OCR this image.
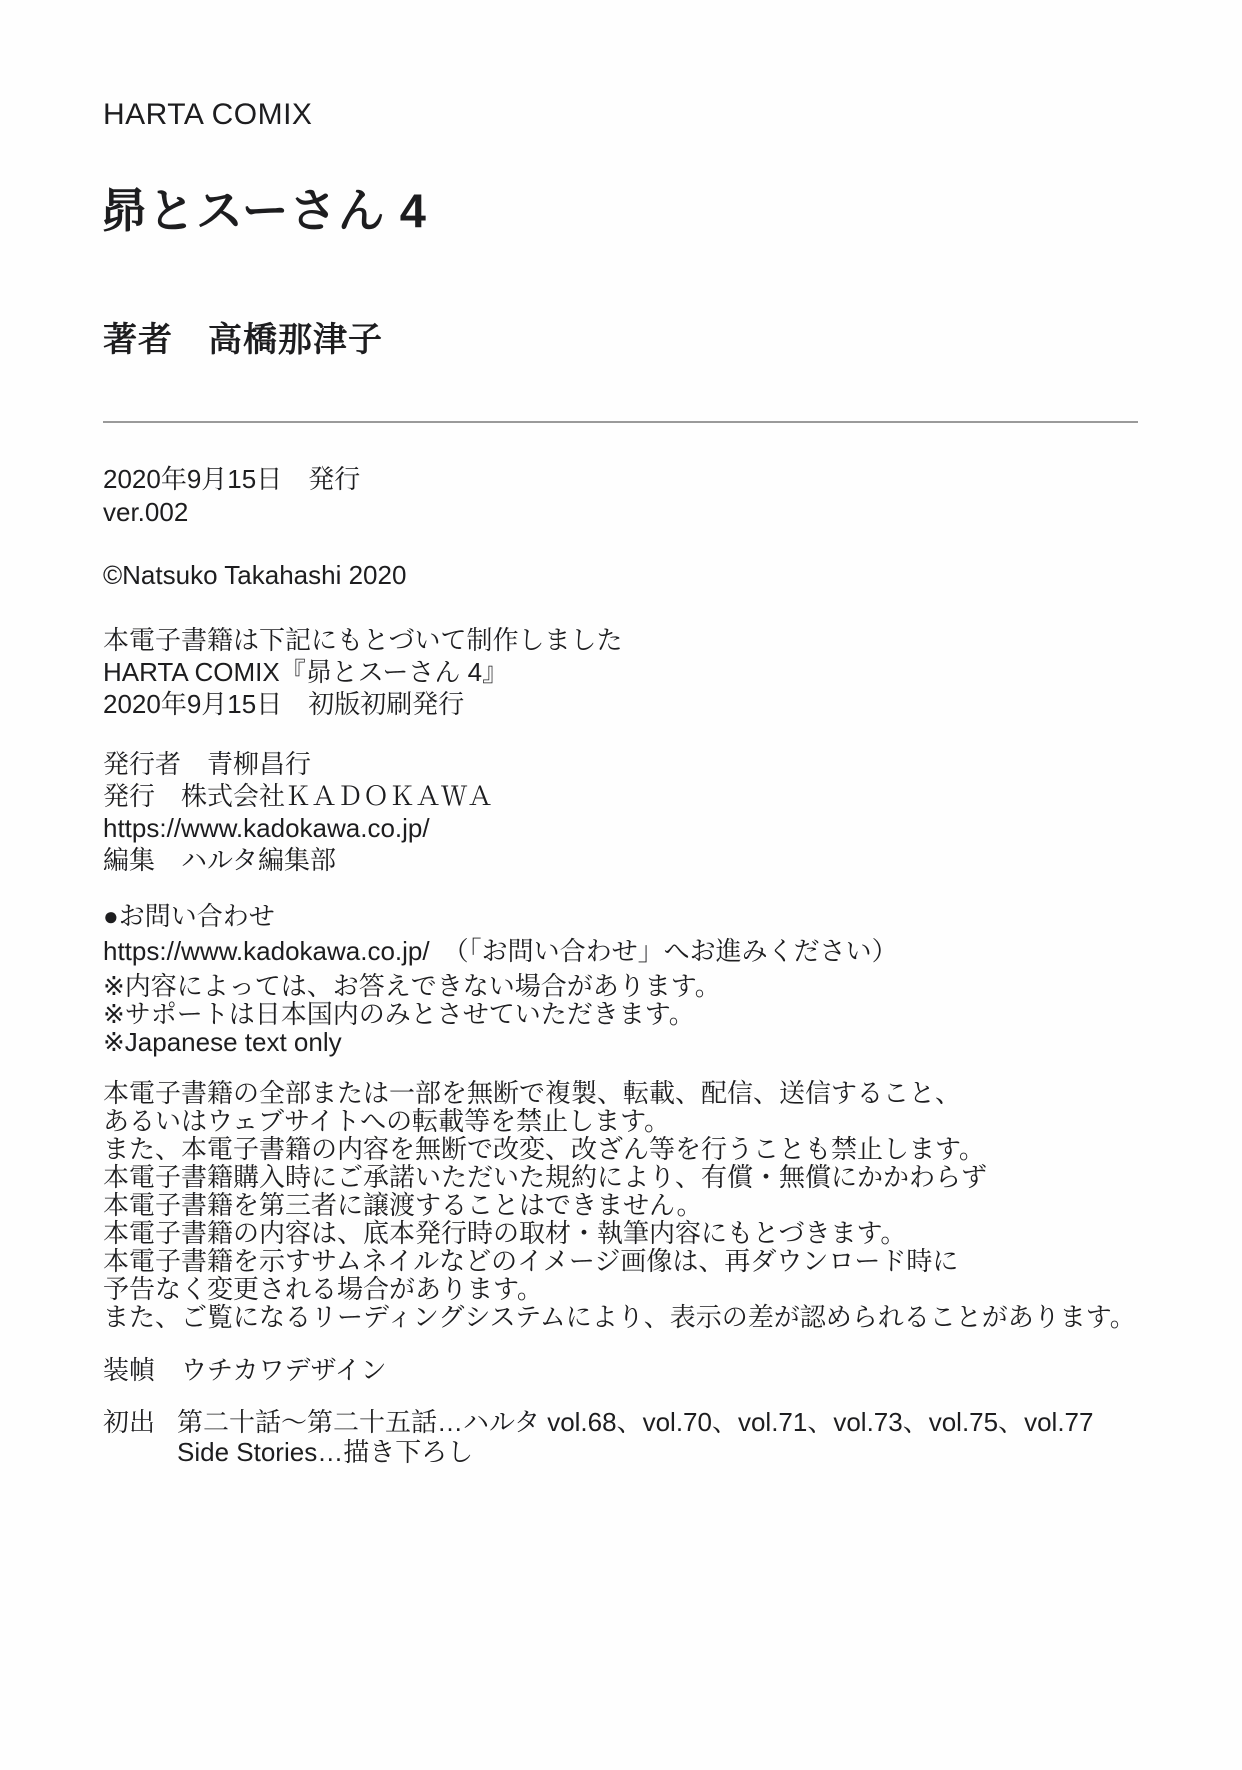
HARTA COMIX
昴とスーさん 4
著者　高橋那津子
2020年9月15日　発行
ver.002
©Natsuko Takahashi 2020
本電子書籍は下記にもとづいて制作しました
HARTA COMIX『昴とスーさん 4』
2020年9月15日　初版初刷発行
発行者　青柳昌行
発行　株式会社ＫＡＤＯＫＡＷＡ
https://www.kadokawa.co.jp/
編集　ハルタ編集部
●お問い合わせ
https://www.kadokawa.co.jp/　（「お問い合わせ」へお進みください）
※内容によっては、お答えできない場合があります。
※サポートは日本国内のみとさせていただきます。
※Japanese text only
本電子書籍の全部または一部を無断で複製、転載、配信、送信すること、
あるいはウェブサイトへの転載等を禁止します。
また、本電子書籍の内容を無断で改変、改ざん等を行うことも禁止します。
本電子書籍購入時にご承諾いただいた規約により、有償・無償にかかわらず
本電子書籍を第三者に譲渡することはできません。
本電子書籍の内容は、底本発行時の取材・執筆内容にもとづきます。
本電子書籍を示すサムネイルなどのイメージ画像は、再ダウンロード時に
予告なく変更される場合があります。
また、ご覧になるリーディングシステムにより、表示の差が認められることがあります。
装幀　ウチカワデザイン
初出 第二十話～第二十五話…ハルタ vol.68、vol.70、vol.71、vol.73、vol.75、vol.77
Side Stories…描き下ろし
